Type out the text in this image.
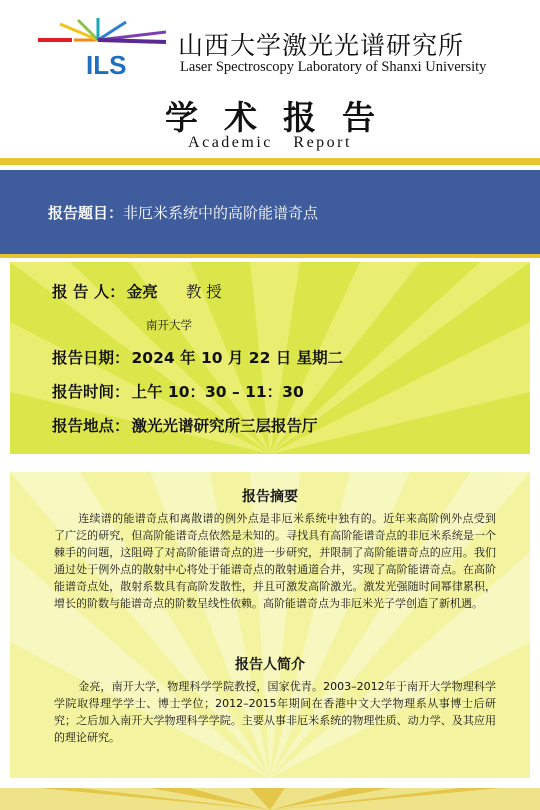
ILS
山西大学激光光谱研究所
Laser Spectroscopy Laboratory of Shanxi University
学术报告
Academic Report
报告题目：非厄米系统中的高阶能谱奇点
报 告 人： 金亮 教 授
南开大学
报告日期： 2024 年 10 月 22 日 星期二
报告时间： 上午 10：30 – 11：30
报告地点： 激光光谱研究所三层报告厅
报告摘要
连续谱的能谱奇点和离散谱的例外点是非厄米系统中独有的。近年来高阶例外点受到了广泛的研究，但高阶能谱奇点依然是未知的。寻找具有高阶能谱奇点的非厄米系统是一个棘手的问题，这阻碍了对高阶能谱奇点的进一步研究，并限制了高阶能谱奇点的应用。我们通过处于例外点的散射中心将处于能谱奇点的散射通道合并，实现了高阶能谱奇点。在高阶能谱奇点处，散射系数具有高阶发散性，并且可激发高阶激光。激发光强随时间幂律累积，增长的阶数与能谱奇点的阶数呈线性依赖。高阶能谱奇点为非厄米光子学创造了新机遇。
报告人简介
金亮，南开大学，物理科学学院教授，国家优青。2003–2012年于南开大学物理科学学院取得理学学士、博士学位；2012–2015年期间在香港中文大学物理系从事博士后研究；之后加入南开大学物理科学学院。主要从事非厄米系统的物理性质、动力学、及其应用的理论研究。
